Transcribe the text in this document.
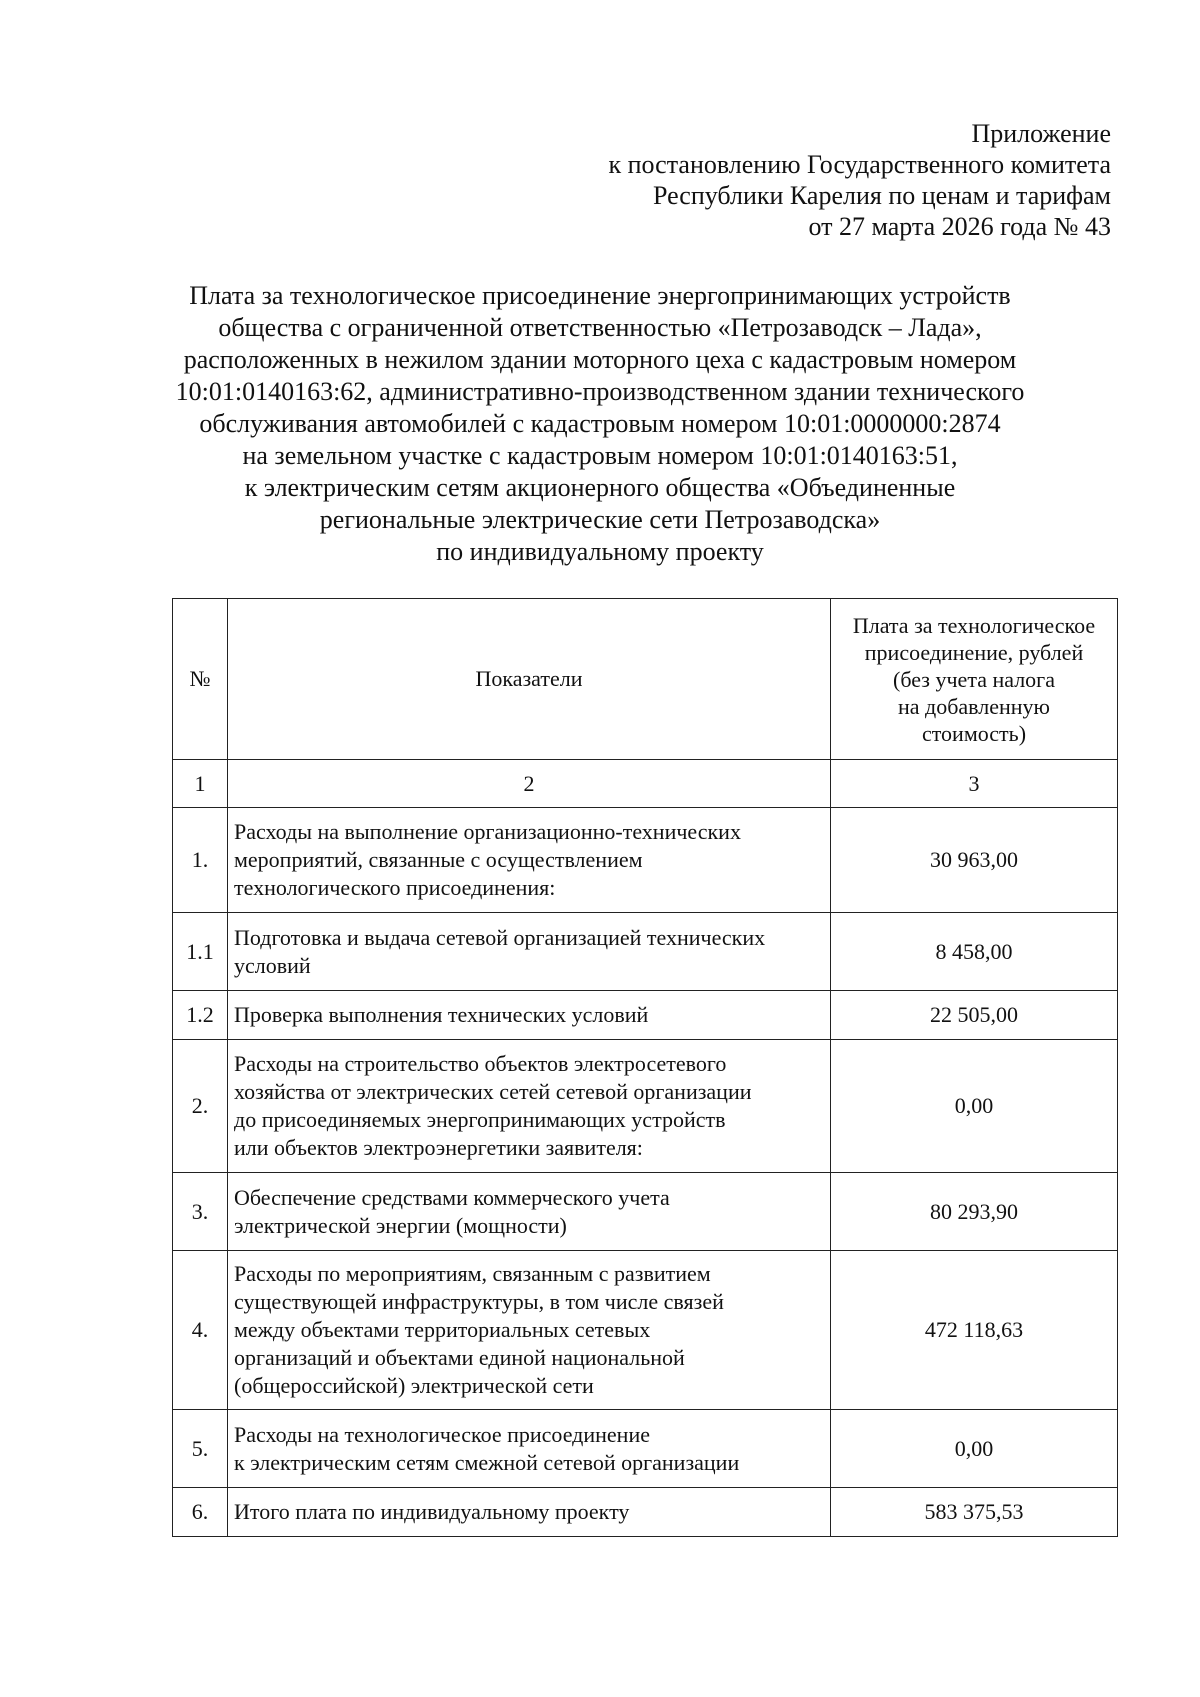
Приложение
к постановлению Государственного комитета
Республики Карелия по ценам и тарифам
от 27 марта 2026 года № 43
Плата за технологическое присоединение энергопринимающих устройств
общества с ограниченной ответственностью «Петрозаводск – Лада»,
расположенных в нежилом здании моторного цеха с кадастровым номером
10:01:0140163:62, административно-производственном здании технического
обслуживания автомобилей с кадастровым номером 10:01:0000000:2874
на земельном участке с кадастровым номером 10:01:0140163:51,
к электрическим сетям акционерного общества «Объединенные
региональные электрические сети Петрозаводска»
по индивидуальному проекту
№	Показатели	Плата за технологическое
присоединение, рублей
(без учета налога
на добавленную
стоимость)

1	2	3
1.	Расходы на выполнение организационно-технических
мероприятий, связанные с осуществлением
технологического присоединения:	30 963,00
1.1	Подготовка и выдача сетевой организацией технических
условий	8 458,00
1.2	Проверка выполнения технических условий	22 505,00
2.	Расходы на строительство объектов электросетевого
хозяйства от электрических сетей сетевой организации
до присоединяемых энергопринимающих устройств
или объектов электроэнергетики заявителя:	0,00
3.	Обеспечение средствами коммерческого учета
электрической энергии (мощности)	80 293,90
4.	Расходы по мероприятиям, связанным с развитием
существующей инфраструктуры, в том числе связей
между объектами территориальных сетевых
организаций и объектами единой национальной
(общероссийской) электрической сети	472 118,63
5.	Расходы на технологическое присоединение
к электрическим сетям смежной сетевой организации	0,00
6.	Итого плата по индивидуальному проекту	583 375,53
